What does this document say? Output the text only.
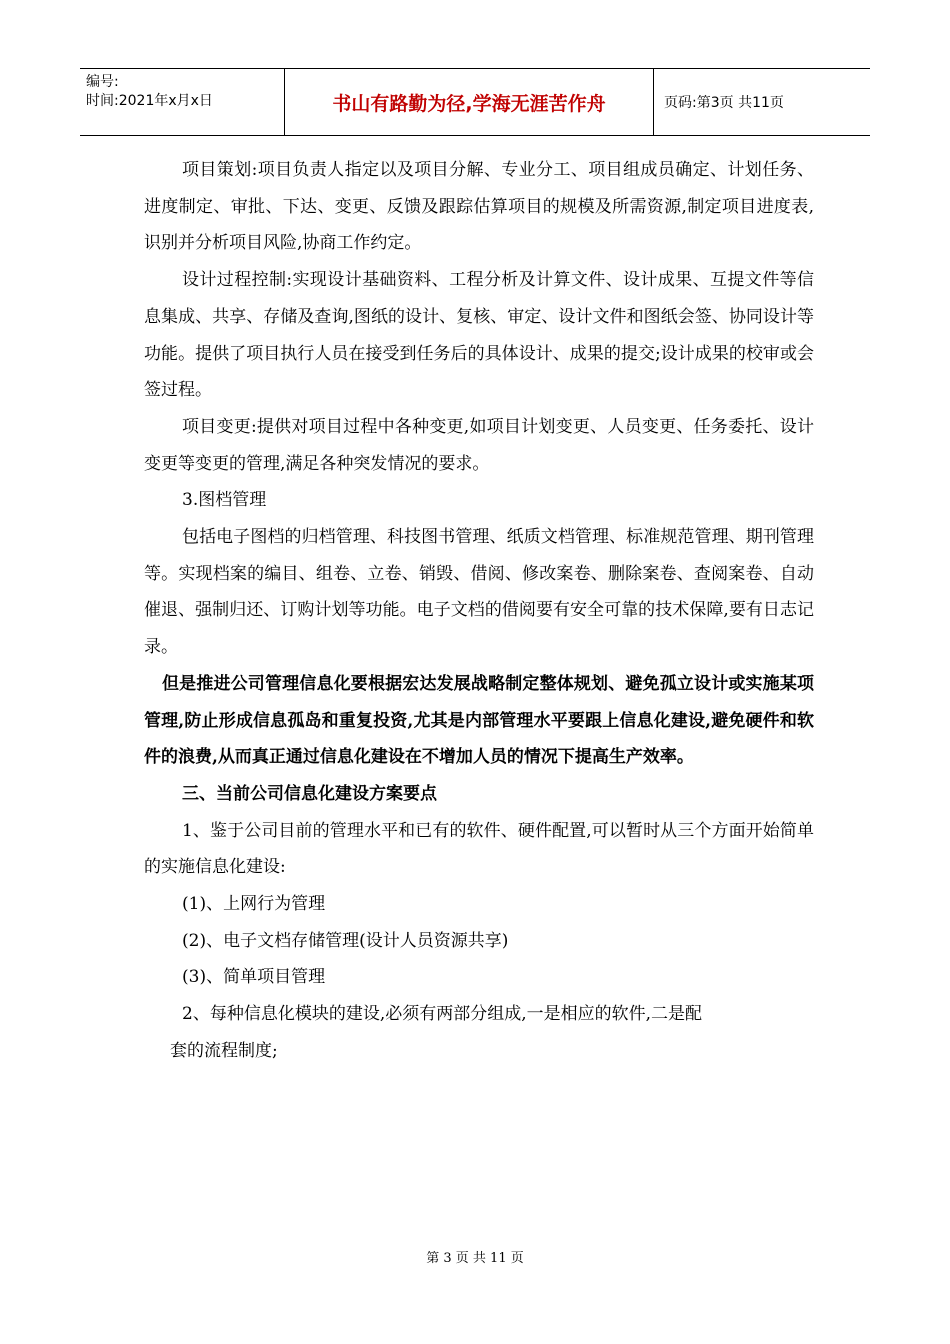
编号:
时间:2021年x月x日	书山有路勤为径,学海无涯苦作舟	页码:第3页 共11页

项目策划:项目负责人指定以及项目分解、专业分工、项目组成员确定、计划任务、进度制定、审批、下达、变更、反馈及跟踪估算项目的规模及所需资源,制定项目进度表,识别并分析项目风险,协商工作约定。

设计过程控制:实现设计基础资料、工程分析及计算文件、设计成果、互提文件等信息集成、共享、存储及查询,图纸的设计、复核、审定、设计文件和图纸会签、协同设计等功能。提供了项目执行人员在接受到任务后的具体设计、成果的提交;设计成果的校审或会签过程。

项目变更:提供对项目过程中各种变更,如项目计划变更、人员变更、任务委托、设计变更等变更的管理,满足各种突发情况的要求。

3.图档管理

包括电子图档的归档管理、科技图书管理、纸质文档管理、标准规范管理、期刊管理等。实现档案的编目、组卷、立卷、销毁、借阅、修改案卷、删除案卷、查阅案卷、自动催退、强制归还、订购计划等功能。电子文档的借阅要有安全可靠的技术保障,要有日志记录。

但是推进公司管理信息化要根据宏达发展战略制定整体规划、避免孤立设计或实施某项管理,防止形成信息孤岛和重复投资,尤其是内部管理水平要跟上信息化建设,避免硬件和软件的浪费,从而真正通过信息化建设在不增加人员的情况下提高生产效率。

三、当前公司信息化建设方案要点

1、鉴于公司目前的管理水平和已有的软件、硬件配置,可以暂时从三个方面开始简单的实施信息化建设:

(1)、上网行为管理

(2)、电子文档存储管理(设计人员资源共享)

(3)、简单项目管理

2、每种信息化模块的建设,必须有两部分组成,一是相应的软件,二是配

套的流程制度;

第 3 页 共 11 页
